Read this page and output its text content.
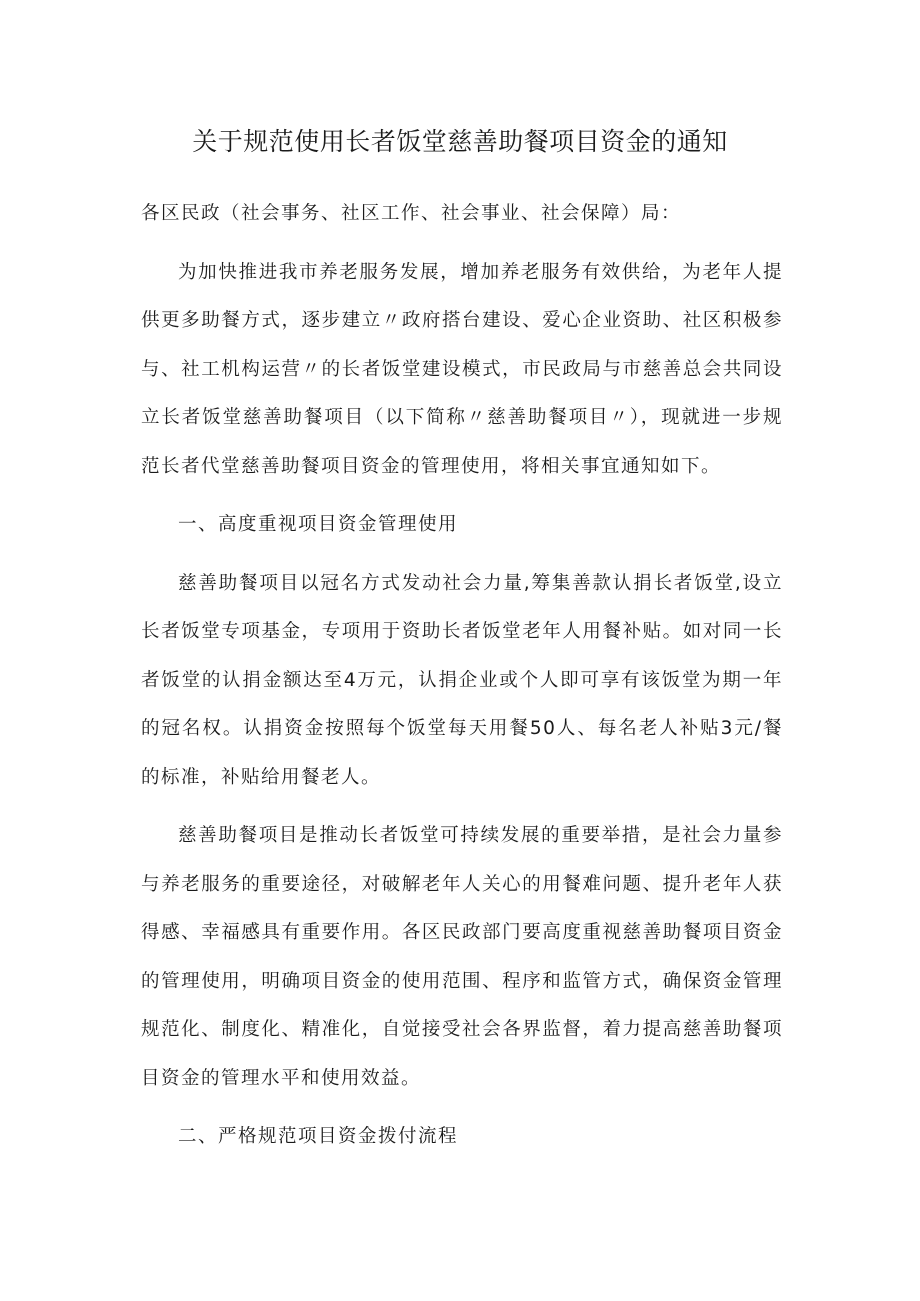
关于规范使用长者饭堂慈善助餐项目资金的通知

各区民政（社会事务、社区工作、社会事业、社会保障）局：

为加快推进我市养老服务发展，增加养老服务有效供给，为老年人提供更多助餐方式，逐步建立〃政府搭台建设、爱心企业资助、社区积极参与、社工机构运营〃的长者饭堂建设模式，市民政局与市慈善总会共同设立长者饭堂慈善助餐项目（以下简称〃慈善助餐项目〃），现就进一步规范长者代堂慈善助餐项目资金的管理使用，将相关事宜通知如下。

一、高度重视项目资金管理使用

慈善助餐项目以冠名方式发动社会力量,筹集善款认捐长者饭堂,设立长者饭堂专项基金，专项用于资助长者饭堂老年人用餐补贴。如对同一长者饭堂的认捐金额达至4万元，认捐企业或个人即可享有该饭堂为期一年的冠名权。认捐资金按照每个饭堂每天用餐50人、每名老人补贴3元/餐的标准，补贴给用餐老人。

慈善助餐项目是推动长者饭堂可持续发展的重要举措，是社会力量参与养老服务的重要途径，对破解老年人关心的用餐难问题、提升老年人获得感、幸福感具有重要作用。各区民政部门要高度重视慈善助餐项目资金的管理使用，明确项目资金的使用范围、程序和监管方式，确保资金管理规范化、制度化、精准化，自觉接受社会各界监督，着力提高慈善助餐项目资金的管理水平和使用效益。

二、严格规范项目资金拨付流程
